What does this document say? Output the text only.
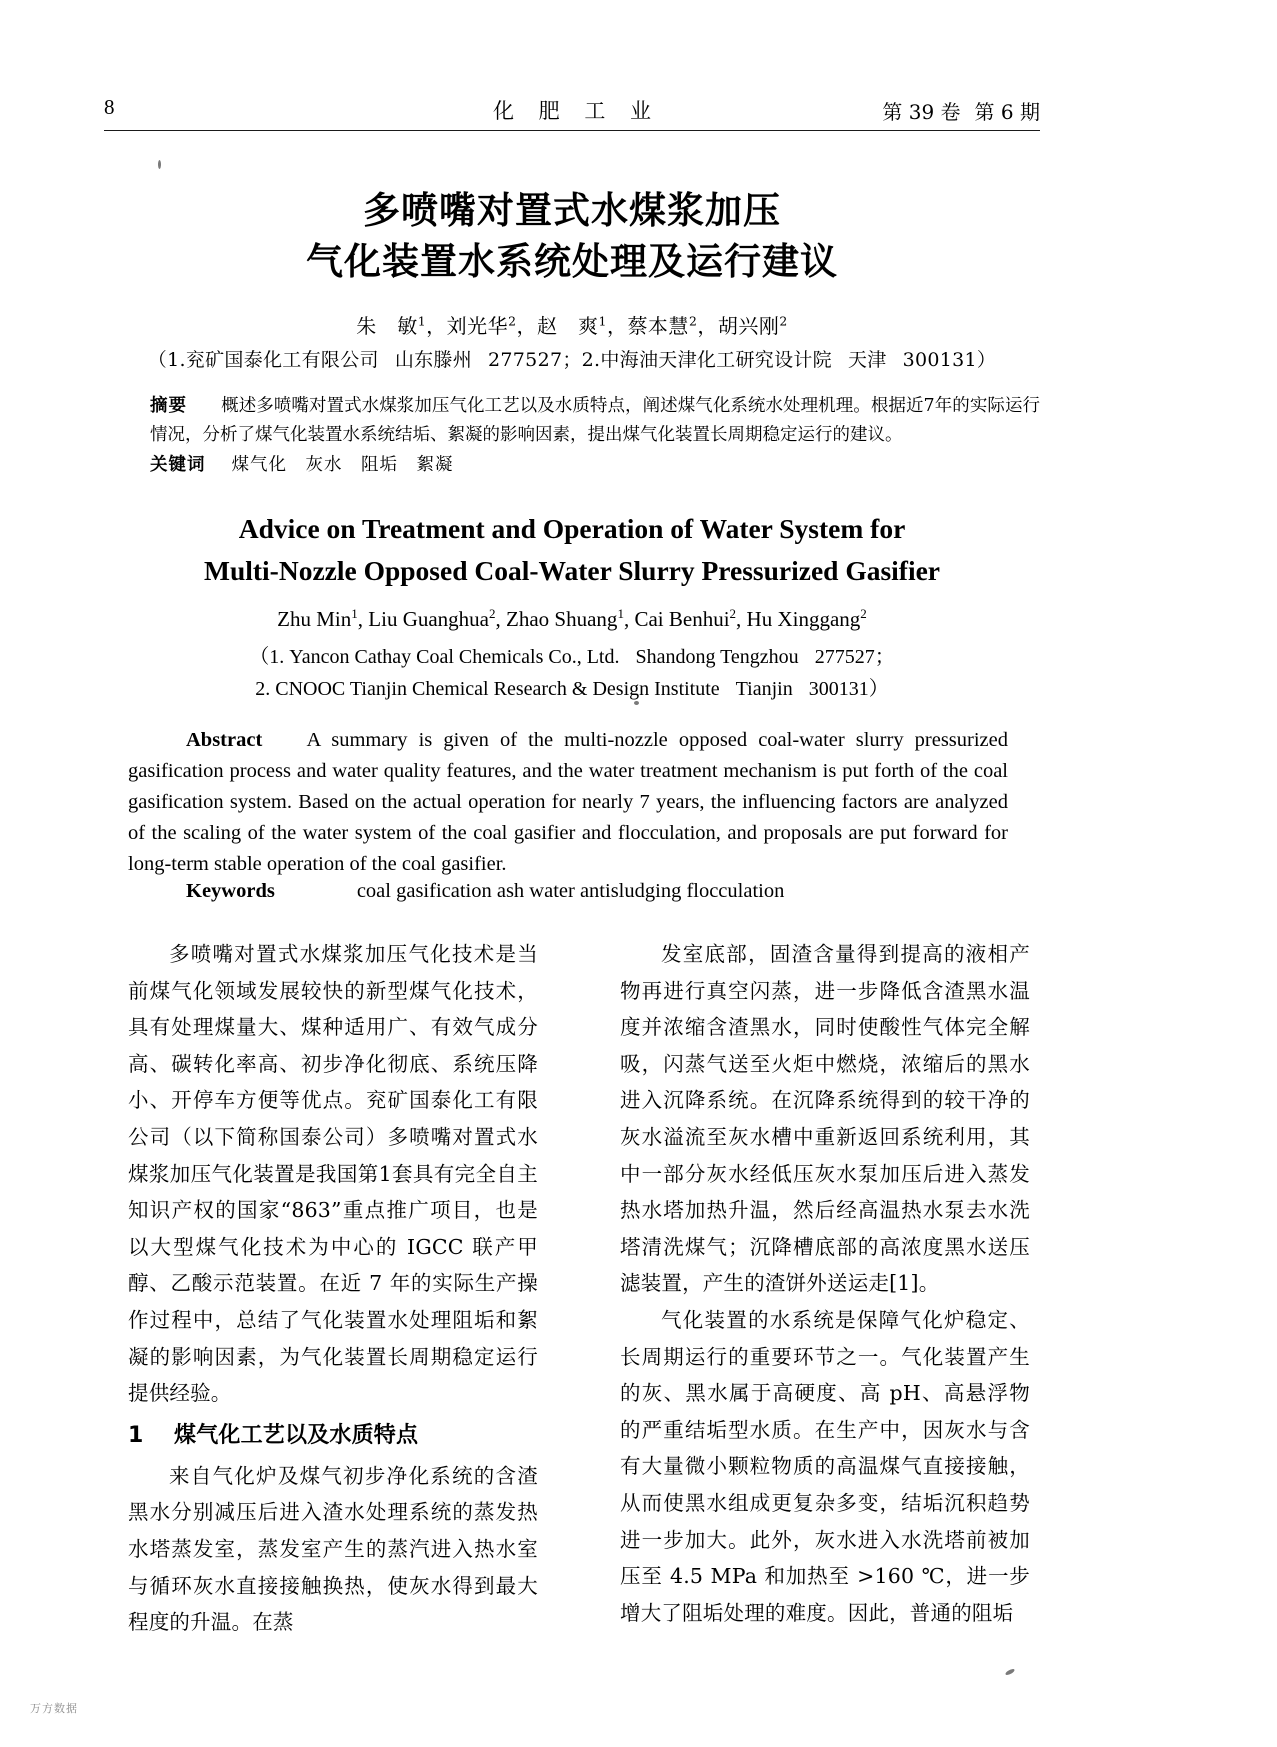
8	化 肥 工 业	第 39 卷 第 6 期
多喷嘴对置式水煤浆加压
气化装置水系统处理及运行建议
朱　敏$^1$，刘光华$^2$，赵　爽$^1$，蔡本慧$^2$，胡兴刚$^2$
（1.兖矿国泰化工有限公司 山东滕州 277527；2.中海油天津化工研究设计院 天津 300131）
摘要 概述多喷嘴对置式水煤浆加压气化工艺以及水质特点，阐述煤气化系统水处理机理。根据近7年的实际运行情况，分析了煤气化装置水系统结垢、絮凝的影响因素，提出煤气化装置长周期稳定运行的建议。
关键词 煤气化　灰水　阻垢　絮凝
Advice on Treatment and Operation of Water System for
Multi-Nozzle Opposed Coal-Water Slurry Pressurized Gasifier
Zhu Min$^1$, Liu Guanghua$^2$, Zhao Shuang$^1$, Cai Benhui$^2$, Hu Xinggang$^2$
（1. Yancon Cathay Coal Chemicals Co., Ltd. Shandong Tengzhou 277527；
2. CNOOC Tianjin Chemical Research & Design Institute Tianjin 300131）

Abstract A summary is given of the multi-nozzle opposed coal-water slurry pressurized gasification process and water quality features, and the water treatment mechanism is put forth of the coal gasification system. Based on the actual operation for nearly 7 years, the influencing factors are analyzed of the scaling of the water system of the coal gasifier and flocculation, and proposals are put forward for long-term stable operation of the coal gasifier.

Keywords	coal gasification ash water antisludging flocculation

多喷嘴对置式水煤浆加压气化技术是当前煤气化领域发展较快的新型煤气化技术，具有处理煤量大、煤种适用广、有效气成分高、碳转化率高、初步净化彻底、系统压降小、开停车方便等优点。兖矿国泰化工有限公司（以下简称国泰公司）多喷嘴对置式水煤浆加压气化装置是我国第1套具有完全自主知识产权的国家“863”重点推广项目，也是以大型煤气化技术为中心的 IGCC 联产甲醇、乙酸示范装置。在近 7 年的实际生产操作过程中，总结了气化装置水处理阻垢和絮凝的影响因素，为气化装置长周期稳定运行提供经验。

1 煤气化工艺以及水质特点

来自气化炉及煤气初步净化系统的含渣黑水分别减压后进入渣水处理系统的蒸发热水塔蒸发室，蒸发室产生的蒸汽进入热水室与循环灰水直接接触换热，使灰水得到最大程度的升温。在蒸

发室底部，固渣含量得到提高的液相产物再进行真空闪蒸，进一步降低含渣黑水温度并浓缩含渣黑水，同时使酸性气体完全解吸，闪蒸气送至火炬中燃烧，浓缩后的黑水进入沉降系统。在沉降系统得到的较干净的灰水溢流至灰水槽中重新返回系统利用，其中一部分灰水经低压灰水泵加压后进入蒸发热水塔加热升温，然后经高温热水泵去水洗塔清洗煤气；沉降槽底部的高浓度黑水送压滤装置，产生的渣饼外送运走[1]。

气化装置的水系统是保障气化炉稳定、长周期运行的重要环节之一。气化装置产生的灰、黑水属于高硬度、高 pH、高悬浮物的严重结垢型水质。在生产中，因灰水与含有大量微小颗粒物质的高温煤气直接接触，从而使黑水组成更复杂多变，结垢沉积趋势进一步加大。此外，灰水进入水洗塔前被加压至 4.5 MPa 和加热至 >160 ℃，进一步增大了阻垢处理的难度。因此，普通的阻垢

万方数据
